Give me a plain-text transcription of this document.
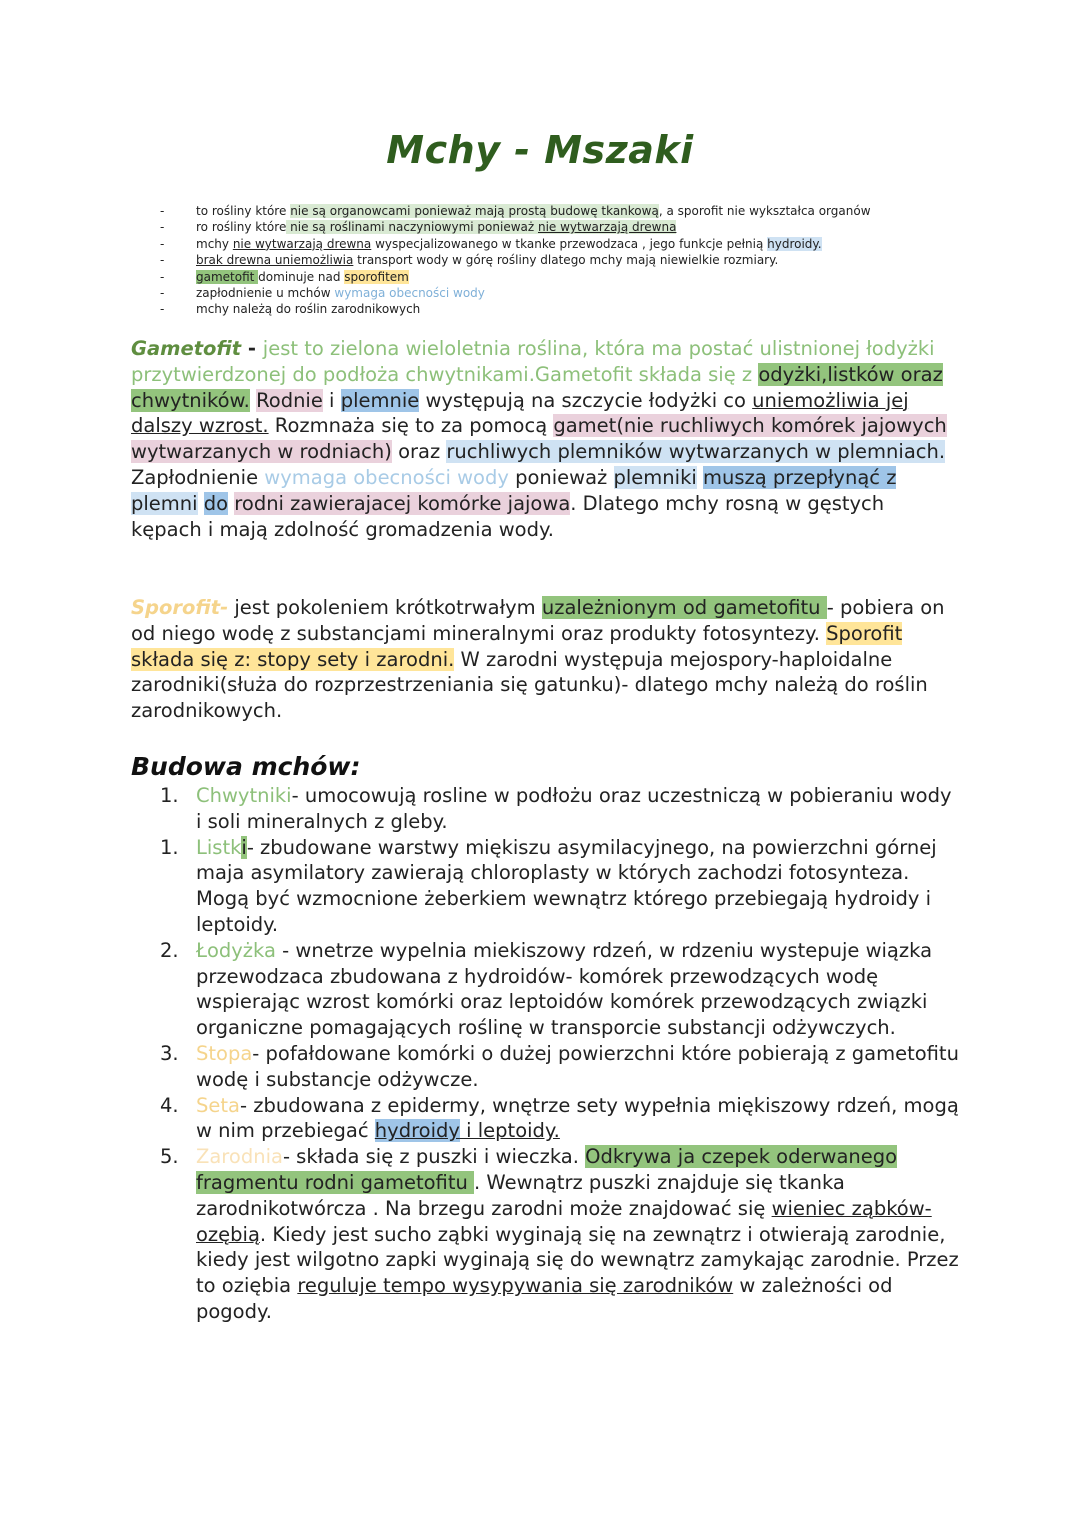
Mchy - Mszaki
- to rośliny które nie są organowcami ponieważ mają prostą budowę tkankową, a sporofit nie wykształca organów
- ro rośliny które nie są roślinami naczyniowymi ponieważ nie wytwarzają drewna
- mchy nie wytwarzają drewna wyspecjalizowanego w tkanke przewodzaca , jego funkcje pełnią hydroidy.
- brak drewna uniemożliwia transport wody w górę rośliny dlatego mchy mają niewielkie rozmiary.
- gametofit dominuje nad sporofitem
- zapłodnienie u mchów wymaga obecności wody
- mchy należą do roślin zarodnikowych
Gametofit - jest to zielona wieloletnia roślina, która ma postać ulistnionej łodyżki przytwierdzonej do podłoża chwytnikami.Gametofit składa się z odyżki,listków oraz chwytników. Rodnie i plemnie występują na szczycie łodyżki co uniemożliwia jej dalszy wzrost. Rozmnaża się to za pomocą gamet(nie ruchliwych komórek jajowych wytwarzanych w rodniach) oraz ruchliwych plemników wytwarzanych w plemniach. Zapłodnienie wymaga obecności wody ponieważ plemniki muszą przepłynąć z plemni do rodni zawierajacej komórke jajowa. Dlatego mchy rosną w gęstych kępach i mają zdolność gromadzenia wody.
Sporofit- jest pokoleniem krótkotrwałym uzależnionym od gametofitu - pobiera on od niego wodę z substancjami mineralnymi oraz produkty fotosyntezy. Sporofit składa się z: stopy sety i zarodni. W zarodni występuja mejospory-haploidalne zarodniki(służa do rozprzestrzeniania się gatunku)- dlatego mchy należą do roślin zarodnikowych.
Budowa mchów:
1. Chwytniki- umocowują rosline w podłożu oraz uczestniczą w pobieraniu wody i soli mineralnych z gleby.
1. Listki- zbudowane warstwy miękiszu asymilacyjnego, na powierzchni górnej maja asymilatory zawierają chloroplasty w których zachodzi fotosynteza. Mogą być wzmocnione żeberkiem wewnątrz którego przebiegają hydroidy i leptoidy.
2. Łodyżka - wnetrze wypelnia miekiszowy rdzeń, w rdzeniu wystepuje wiązka przewodzaca zbudowana z hydroidów- komórek przewodzących wodę wspierając wzrost komórki oraz leptoidów komórek przewodzących związki organiczne pomagających roślinę w transporcie substancji odżywczych.
3. Stopa- pofałdowane komórki o dużej powierzchni które pobierają z gametofitu wodę i substancje odżywcze.
4. Seta- zbudowana z epidermy, wnętrze sety wypełnia miękiszowy rdzeń, mogą w nim przebiegać hydroidy i leptoidy.
5. Zarodnia- składa się z puszki i wieczka. Odkrywa ja czepek oderwanego fragmentu rodni gametofitu . Wewnątrz puszki znajduje się tkanka zarodnikotwórcza . Na brzegu zarodni może znajdować się wieniec ząbków- ozębią. Kiedy jest sucho ząbki wyginają się na zewnątrz i otwierają zarodnie, kiedy jest wilgotno zapki wyginają się do wewnątrz zamykając zarodnie. Przez to ozięb​ia reguluje tempo wysypywania się zarodników w zależności od pogody.
